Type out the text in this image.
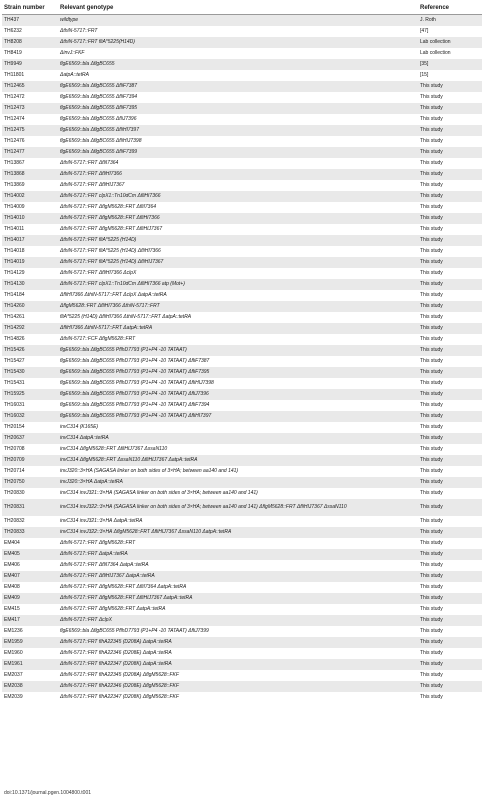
Strain number	Relevant genotype	Reference
TH437	wildtype	J. Roth
TH6232	ΔthiN-5717::FRT	[47]
TH8208	ΔthiN-5717::FRT fliA*5225(H14D)	Lab collection
TH8419	ΔinvJ::FKF	Lab collection
TH9949	flgE6569::bla ΔflgBC655	[35]
TH11801	ΔatpA::tetRA	[15]
TH12465	flgE6569::bla ΔflgBC655 ΔfliF7387	This study
TH12472	flgE6569::bla ΔflgBC655 ΔfliF7394	This study
TH12473	flgE6569::bla ΔflgBC655 ΔfliF7395	This study
TH12474	flgE6569::bla ΔflgBC655 ΔfliJ7396	This study
TH12475	flgE6569::bla ΔflgBC655 ΔfliHI7397	This study
TH12476	flgE6569::bla ΔflgBC655 ΔfliHIJ7398	This study
TH12477	flgE6569::bla ΔflgBC655 ΔfliF7399	This study
TH13867	ΔthiN-5717::FRT ΔfliI7364	This study
TH13868	ΔthiN-5717::FRT ΔfliHI7366	This study
TH13869	ΔthiN-5717::FRT ΔfliHIJ7367	This study
TH14002	ΔthiN-5717::FRT clpX1::Tn10dCm ΔfliHI7366	This study
TH14009	ΔthiN-5717::FRT ΔflgM5628::FRT ΔfliI7364	This study
TH14010	ΔthiN-5717::FRT ΔflgM5628::FRT ΔfliHI7366	This study
TH14011	ΔthiN-5717::FRT ΔflgM5628::FRT ΔfliHIJ7367	This study
TH14017	ΔthiN-5717::FRT fliA*5225 (H14D)	This study
TH14018	ΔthiN-5717::FRT fliA*5225 (H14D) ΔfliHI7366	This study
TH14019	ΔthiN-5717::FRT fliA*5225 (H14D) ΔfliHIJ7367	This study
TH14129	ΔthiN-5717::FRT ΔfliHI7366 ΔclpX	This study
TH14130	ΔthiN-5717::FRT clpX1::Tn10dCm ΔfliHI7366 atp (Mot+)	This study
TH14184	ΔfliHI7366 ΔthiN-5717::FRT ΔclpX ΔatpA::tetRA	This study
TH14260	ΔflgM5628::FRT ΔfliHI7366 ΔthiN-5717::FRT	This study
TH14261	fliA*5225 (H14D) ΔfliHI7366 ΔthiN-5717::FRT ΔatpA::tetRA	This study
TH14292	ΔfliHI7366 ΔthiN-5717::FRT ΔatpA::tetRA	This study
TH14826	ΔthiN-5717::FCF ΔflgM5628::FRT	This study
TH15426	flgE6569::bla ΔflgBC655 PflhD7793 (P1+P4 -10 TATAAT)	This study
TH15427	flgE6569::bla ΔflgBC655 PflhD7793 (P1+P4 -10 TATAAT) ΔfliF7387	This study
TH15430	flgE6569::bla ΔflgBC655 PflhD7793 (P1+P4 -10 TATAAT) ΔfliF7395	This study
TH15431	flgE6569::bla ΔflgBC655 PflhD7793 (P1+P4 -10 TATAAT) ΔfliHIJ7398	This study
TH15925	flgE6569::bla ΔflgBC655 PflhD7793 (P1+P4 -10 TATAAT) ΔfliJ7396	This study
TH16031	flgE6569::bla ΔflgBC655 PflhD7793 (P1+P4 -10 TATAAT) ΔfliF7394	This study
TH16032	flgE6569::bla ΔflgBC655 PflhD7793 (P1+P4 -10 TATAAT) ΔfliHI7397	This study
TH20154	invC314 (K165E)	This study
TH20637	invC314 ΔatpA::tetRA	This study
TH20708	invC314 ΔflgM5628::FRT ΔfliHIJ7367 ΔssaN110	This study
TH20709	invC314 ΔflgM5628::FRT ΔssaN110 ΔfliHIJ7367 ΔatpA::tetRA	This study
TH20714	invJ320::3×HA (SAGASA linker on both sides of 3×HA; between aa140 and 141)	This study
TH20750	invJ320::3×HA ΔatpA::tetRA	This study
TH20830	invC314 invJ321::3×HA (SAGASA linker on both sides of 3×HA; between aa140 and 141)	This study
TH20831	invC314 invJ322::3×HA (SAGASA linker on both sides of 3×HA; between aa140 and 141) ΔflgM5628::FRT ΔfliHIJ7367 ΔssaN110	This study
TH20832	invC314 invJ321::3×HA ΔatpA::tetRA	This study
TH20833	invC314 invJ322::3×HA ΔflgM5628::FRT ΔfliHIJ7367 ΔssaN110 ΔatpA::tetRA	This study
EM404	ΔthiN-5717::FRT ΔflgM5628::FRT	This study
EM405	ΔthiN-5717::FRT ΔatpA::tetRA	This study
EM406	ΔthiN-5717::FRT ΔfliI7364 ΔatpA::tetRA	This study
EM407	ΔthiN-5717::FRT ΔfliHIJ7367 ΔatpA::tetRA	This study
EM408	ΔthiN-5717::FRT ΔflgM5628::FRT ΔfliI7364 ΔatpA::tetRA	This study
EM409	ΔthiN-5717::FRT ΔflgM5628::FRT ΔfliHIJ7367 ΔatpA::tetRA	This study
EM415	ΔthiN-5717::FRT ΔflgM5628::FRT ΔatpA::tetRA	This study
EM417	ΔthiN-5717::FRT ΔclpX	This study
EM1236	flgE6569::bla ΔflgBC655 PflhD7793 (P1+P4 -10 TATAAT) ΔfliJ7399	This study
EM1959	ΔthiN-5717::FRT flhA22345 (D208A) ΔatpA::tetRA	This study
EM1960	ΔthiN-5717::FRT flhA22346 (D208E) ΔatpA::tetRA	This study
EM1961	ΔthiN-5717::FRT flhA22347 (D208K) ΔatpA::tetRA	This study
EM2037	ΔthiN-5717::FRT flhA22345 (D208A) ΔflgM5628::FKF	This study
EM2038	ΔthiN-5717::FRT flhA22346 (D208E) ΔflgM5628::FKF	This study
EM2039	ΔthiN-5717::FRT flhA22347 (D208K) ΔflgM5628::FKF	This study
doi:10.1371/journal.pgen.1004800.t001
